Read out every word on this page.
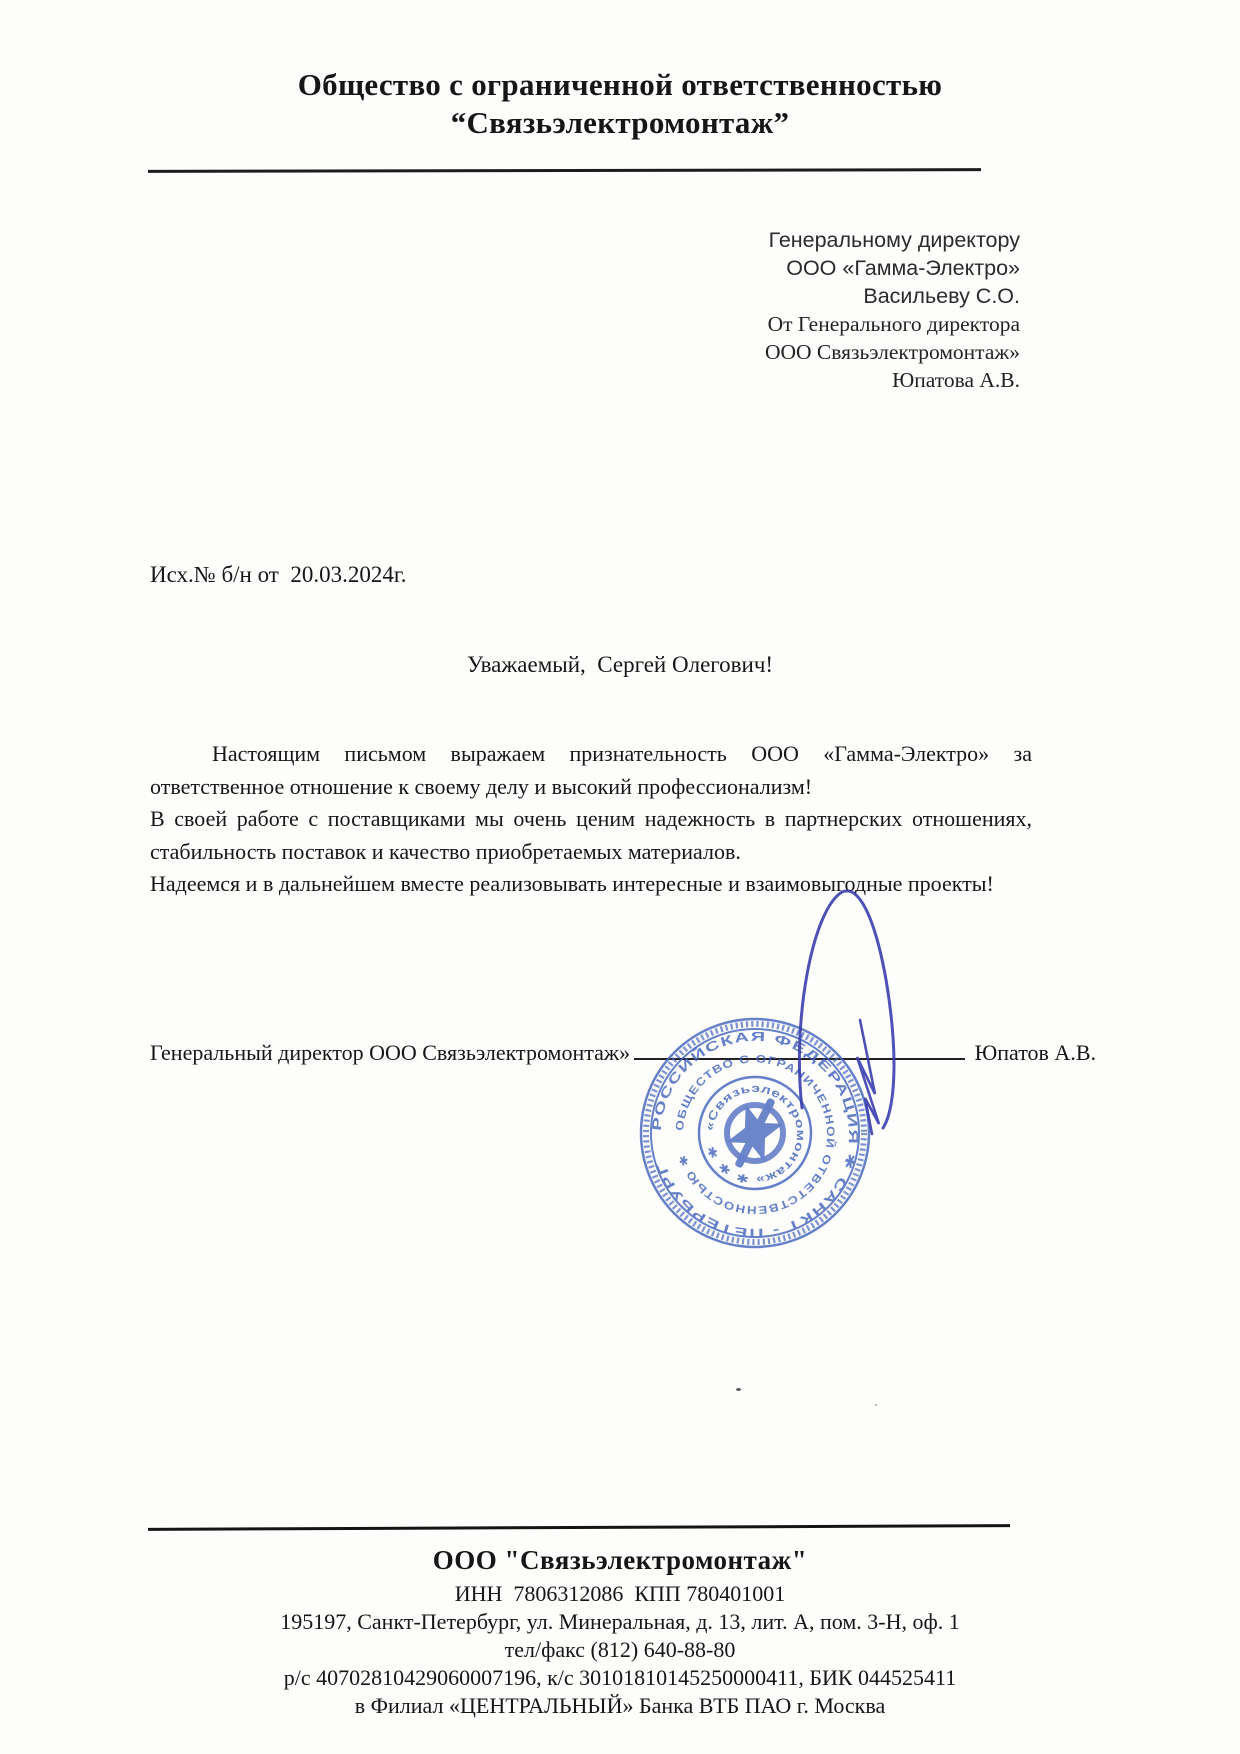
Общество с ограниченной ответственностью
“Связьэлектромонтаж”
Генеральному директору
ООО «Гамма-Электро»
Васильеву С.О.
От Генерального директора
ООО Связьэлектромонтаж»
Юпатова А.В.
Исх.№ б/н от  20.03.2024г.
Уважаемый,  Сергей Олегович!

Настоящим письмом выражаем признательность ООО «Гамма-Электро» за ответственное отношение к своему делу и высокий профессионализм!

В своей работе с поставщиками мы очень ценим надежность в партнерских отношениях, стабильность поставок и качество приобретаемых материалов.

Надеемся и в дальнейшем вместе реализовывать интересные и взаимовыгодные проекты!

Генеральный директор ООО Связьэлектромонтаж»	Юпатов А.В.
РОССИЙСКАЯ ФЕДЕРАЦИЯ ✱ САНКТ - ПЕТЕРБУРГ
ОБЩЕСТВО С ОГРАНИЧЕННОЙ ОТВЕТСТВЕННОСТЬЮ ✱
«Связьэлектромонтаж» ✱ ✱ ✱
ООО "Связьэлектромонтаж"
ИНН  7806312086  КПП 780401001
195197, Санкт-Петербург, ул. Минеральная, д. 13, лит. А, пом. 3-Н, оф. 1
тел/факс (812) 640-88-80
р/с 40702810429060007196, к/с 30101810145250000411, БИК 044525411
в Филиал «ЦЕНТРАЛЬНЫЙ» Банка ВТБ ПАО г. Москва
